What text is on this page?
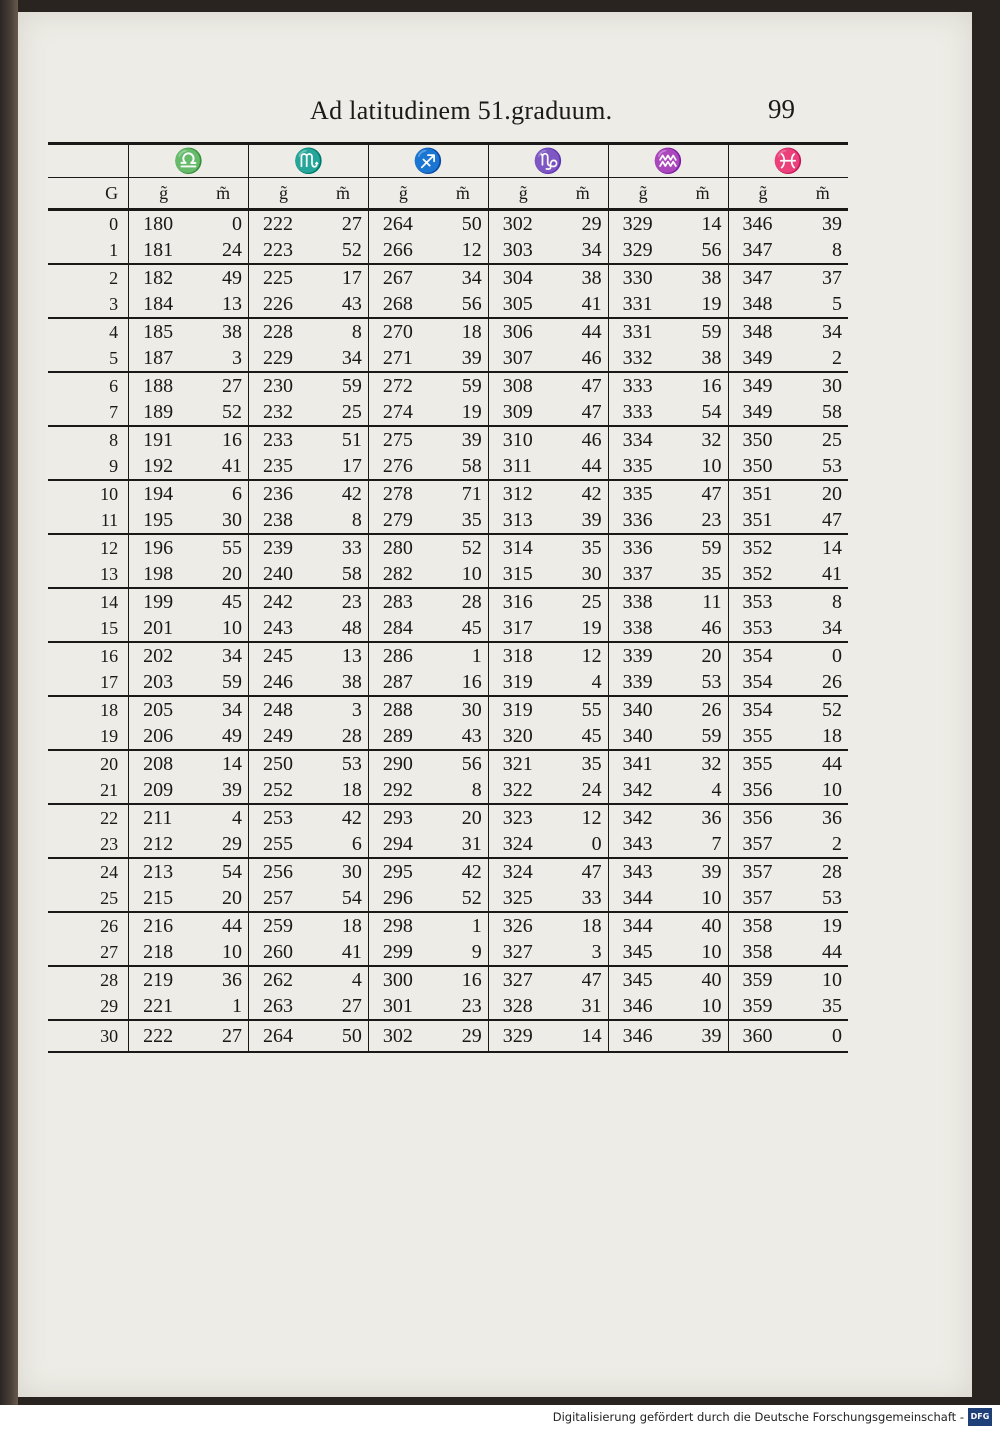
Ad latitudinem 51.graduum.	99
	♎		♏		♐		♑		♒		♓	
G	g̃	m̃	g̃	m̃	g̃	m̃	g̃	m̃	g̃	m̃	g̃	m̃
0	180	0	222	27	264	50	302	29	329	14	346	39
1	181	24	223	52	266	12	303	34	329	56	347	8
2	182	49	225	17	267	34	304	38	330	38	347	37
3	184	13	226	43	268	56	305	41	331	19	348	5
4	185	38	228	8	270	18	306	44	331	59	348	34
5	187	3	229	34	271	39	307	46	332	38	349	2
6	188	27	230	59	272	59	308	47	333	16	349	30
7	189	52	232	25	274	19	309	47	333	54	349	58
8	191	16	233	51	275	39	310	46	334	32	350	25
9	192	41	235	17	276	58	311	44	335	10	350	53
10	194	6	236	42	278	71	312	42	335	47	351	20
11	195	30	238	8	279	35	313	39	336	23	351	47
12	196	55	239	33	280	52	314	35	336	59	352	14
13	198	20	240	58	282	10	315	30	337	35	352	41
14	199	45	242	23	283	28	316	25	338	11	353	8
15	201	10	243	48	284	45	317	19	338	46	353	34
16	202	34	245	13	286	1	318	12	339	20	354	0
17	203	59	246	38	287	16	319	4	339	53	354	26
18	205	34	248	3	288	30	319	55	340	26	354	52
19	206	49	249	28	289	43	320	45	340	59	355	18
20	208	14	250	53	290	56	321	35	341	32	355	44
21	209	39	252	18	292	8	322	24	342	4	356	10
22	211	4	253	42	293	20	323	12	342	36	356	36
23	212	29	255	6	294	31	324	0	343	7	357	2
24	213	54	256	30	295	42	324	47	343	39	357	28
25	215	20	257	54	296	52	325	33	344	10	357	53
26	216	44	259	18	298	1	326	18	344	40	358	19
27	218	10	260	41	299	9	327	3	345	10	358	44
28	219	36	262	4	300	16	327	47	345	40	359	10
29	221	1	263	27	301	23	328	31	346	10	359	35
30	222	27	264	50	302	29	329	14	346	39	360	0
Digitalisierung gefördert durch die Deutsche Forschungsgemeinschaft - DFG
